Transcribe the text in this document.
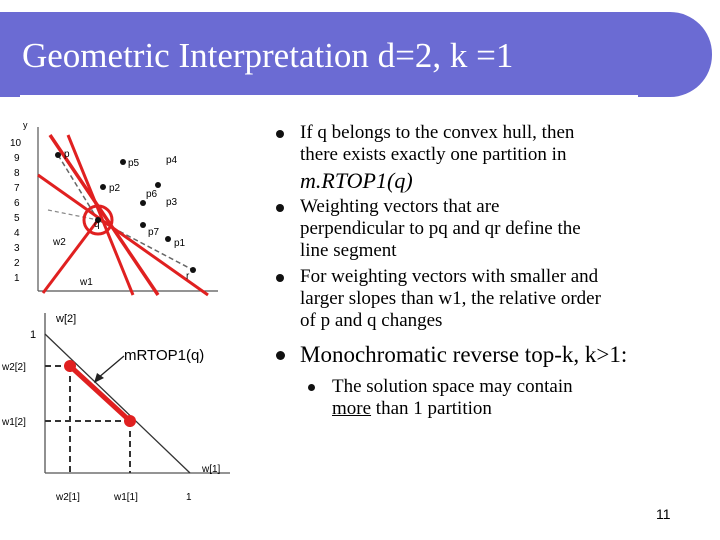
Geometric Interpretation d=2, k =1
y
10
9
8
7
6
5
4
3
2
1
p
p5	p4
p2
p6
p3
q
p7
p1
r
w2
w1
w[2]
1
w2[2]
w1[2]
w2[1]	w1[1]	1
w[1]
mRTOP1(q)
If q belongs to the convex hull, then
there exists exactly one partition in
m.RTOP1(q)
Weighting vectors that are
perpendicular to pq and qr define the
line segment
For weighting vectors with smaller and
larger slopes than w1, the relative order
of p and q changes
Monochromatic reverse top-k, k>1:
The solution space may contain
more than 1 partition
11
